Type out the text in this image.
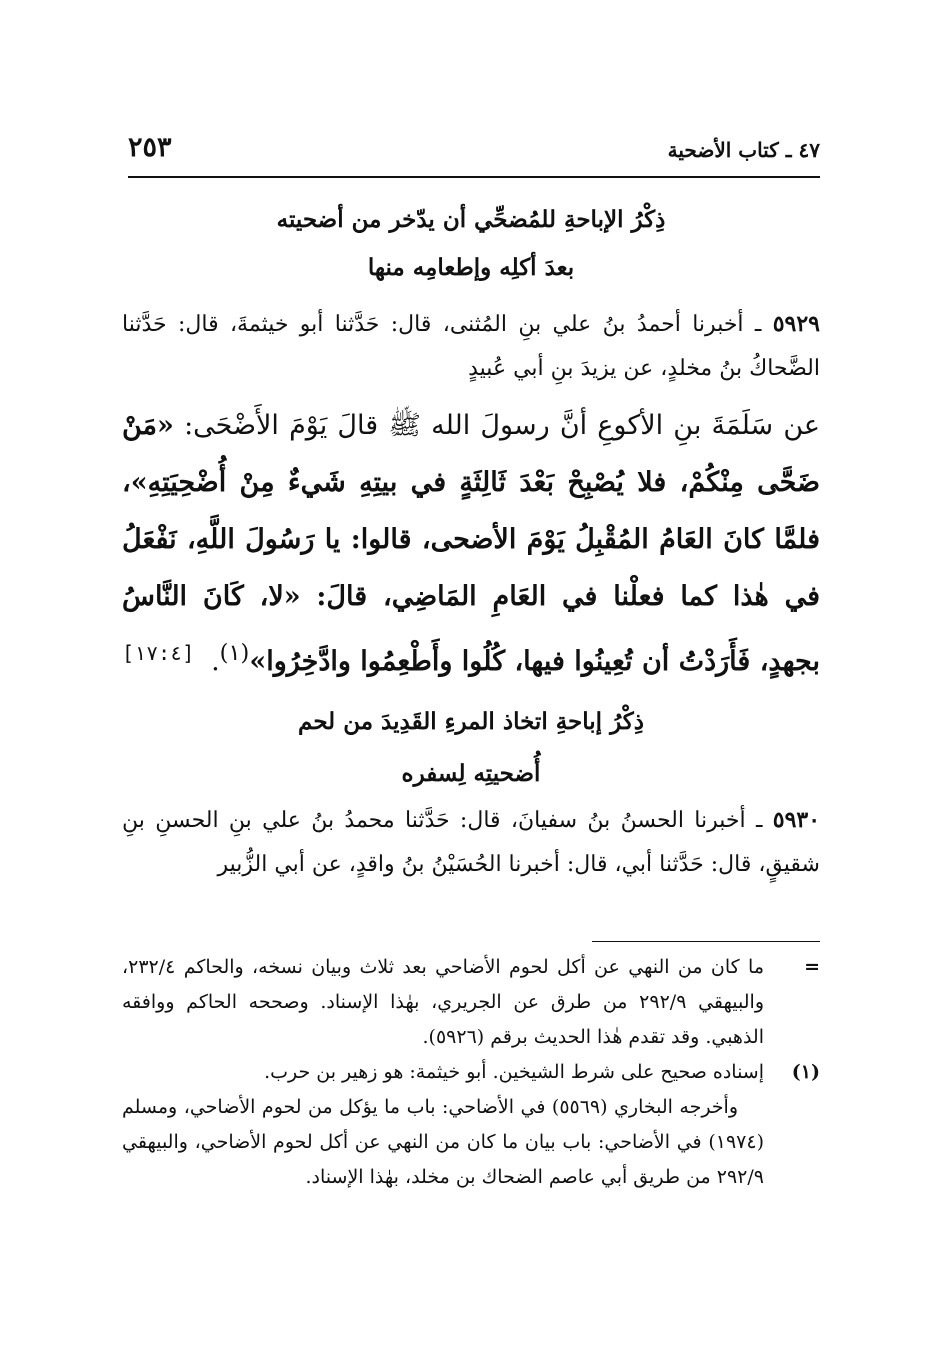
٤٧ ـ كتاب الأضحية
٢٥٣

ذِكْرُ الإباحةِ للمُضحِّي أن يدّخر من أضحيته

بعدَ أكلِه وإطعامِه منها

٥٩٢٩ ـ أخبرنا أحمدُ بنُ علي بنِ المُثنى، قال: حَدَّثنا أبو خيثمةَ، قال: حَدَّثنا الضَّحاكُ بنُ مخلدٍ، عن يزيدَ بنِ أبي عُبيدٍ

عن سَلَمَةَ بنِ الأكوعِ أنَّ رسولَ الله ﷺ قالَ يَوْمَ الأَضْحَى: «مَنْ ضَحَّى مِنْكُمْ، فلا يُصْبِحْ بَعْدَ ثَالِثَةٍ في بيتِهِ شَيءٌ مِنْ أُضْحِيَتِهِ»، فلمَّا كانَ العَامُ المُقْبِلُ يَوْمَ الأضحى، قالوا: يا رَسُولَ اللَّهِ، نَفْعَلُ في هٰذا كما فعلْنا في العَامِ المَاضِي، قالَ: «لا، كَانَ النَّاسُ بجهدٍ، فَأَرَدْتُ أن تُعِينُوا فيها، كُلُوا وأَطْعِمُوا وادَّخِرُوا»$^{(١)}$.
[١٧:٤]

ذِكْرُ إباحةِ اتخاذ المرءِ القَدِيدَ من لحم

أُضحيتِه لِسفره

٥٩٣٠ ـ أخبرنا الحسنُ بنُ سفيانَ، قال: حَدَّثنا محمدُ بنُ علي بنِ الحسنِ بنِ شقيقٍ، قال: حَدَّثنا أبي، قال: أخبرنا الحُسَيْنُ بنُ واقدٍ، عن أبي الزُّبير

=
ما كان من النهي عن أكل لحوم الأضاحي بعد ثلاث وبيان نسخه، والحاكم ٢٣٢/٤، والبيهقي ٢٩٢/٩ من طرق عن الجريري، بهٰذا الإسناد. وصححه الحاكم ووافقه الذهبي. وقد تقدم هٰذا الحديث برقم (٥٩٢٦).
(١)
إسناده صحيح على شرط الشيخين. أبو خيثمة: هو زهير بن حرب.
وأخرجه البخاري (٥٥٦٩) في الأضاحي: باب ما يؤكل من لحوم الأضاحي، ومسلم (١٩٧٤) في الأضاحي: باب بيان ما كان من النهي عن أكل لحوم الأضاحي، والبيهقي ٢٩٢/٩ من طريق أبي عاصم الضحاك بن مخلد، بهٰذا الإسناد.
